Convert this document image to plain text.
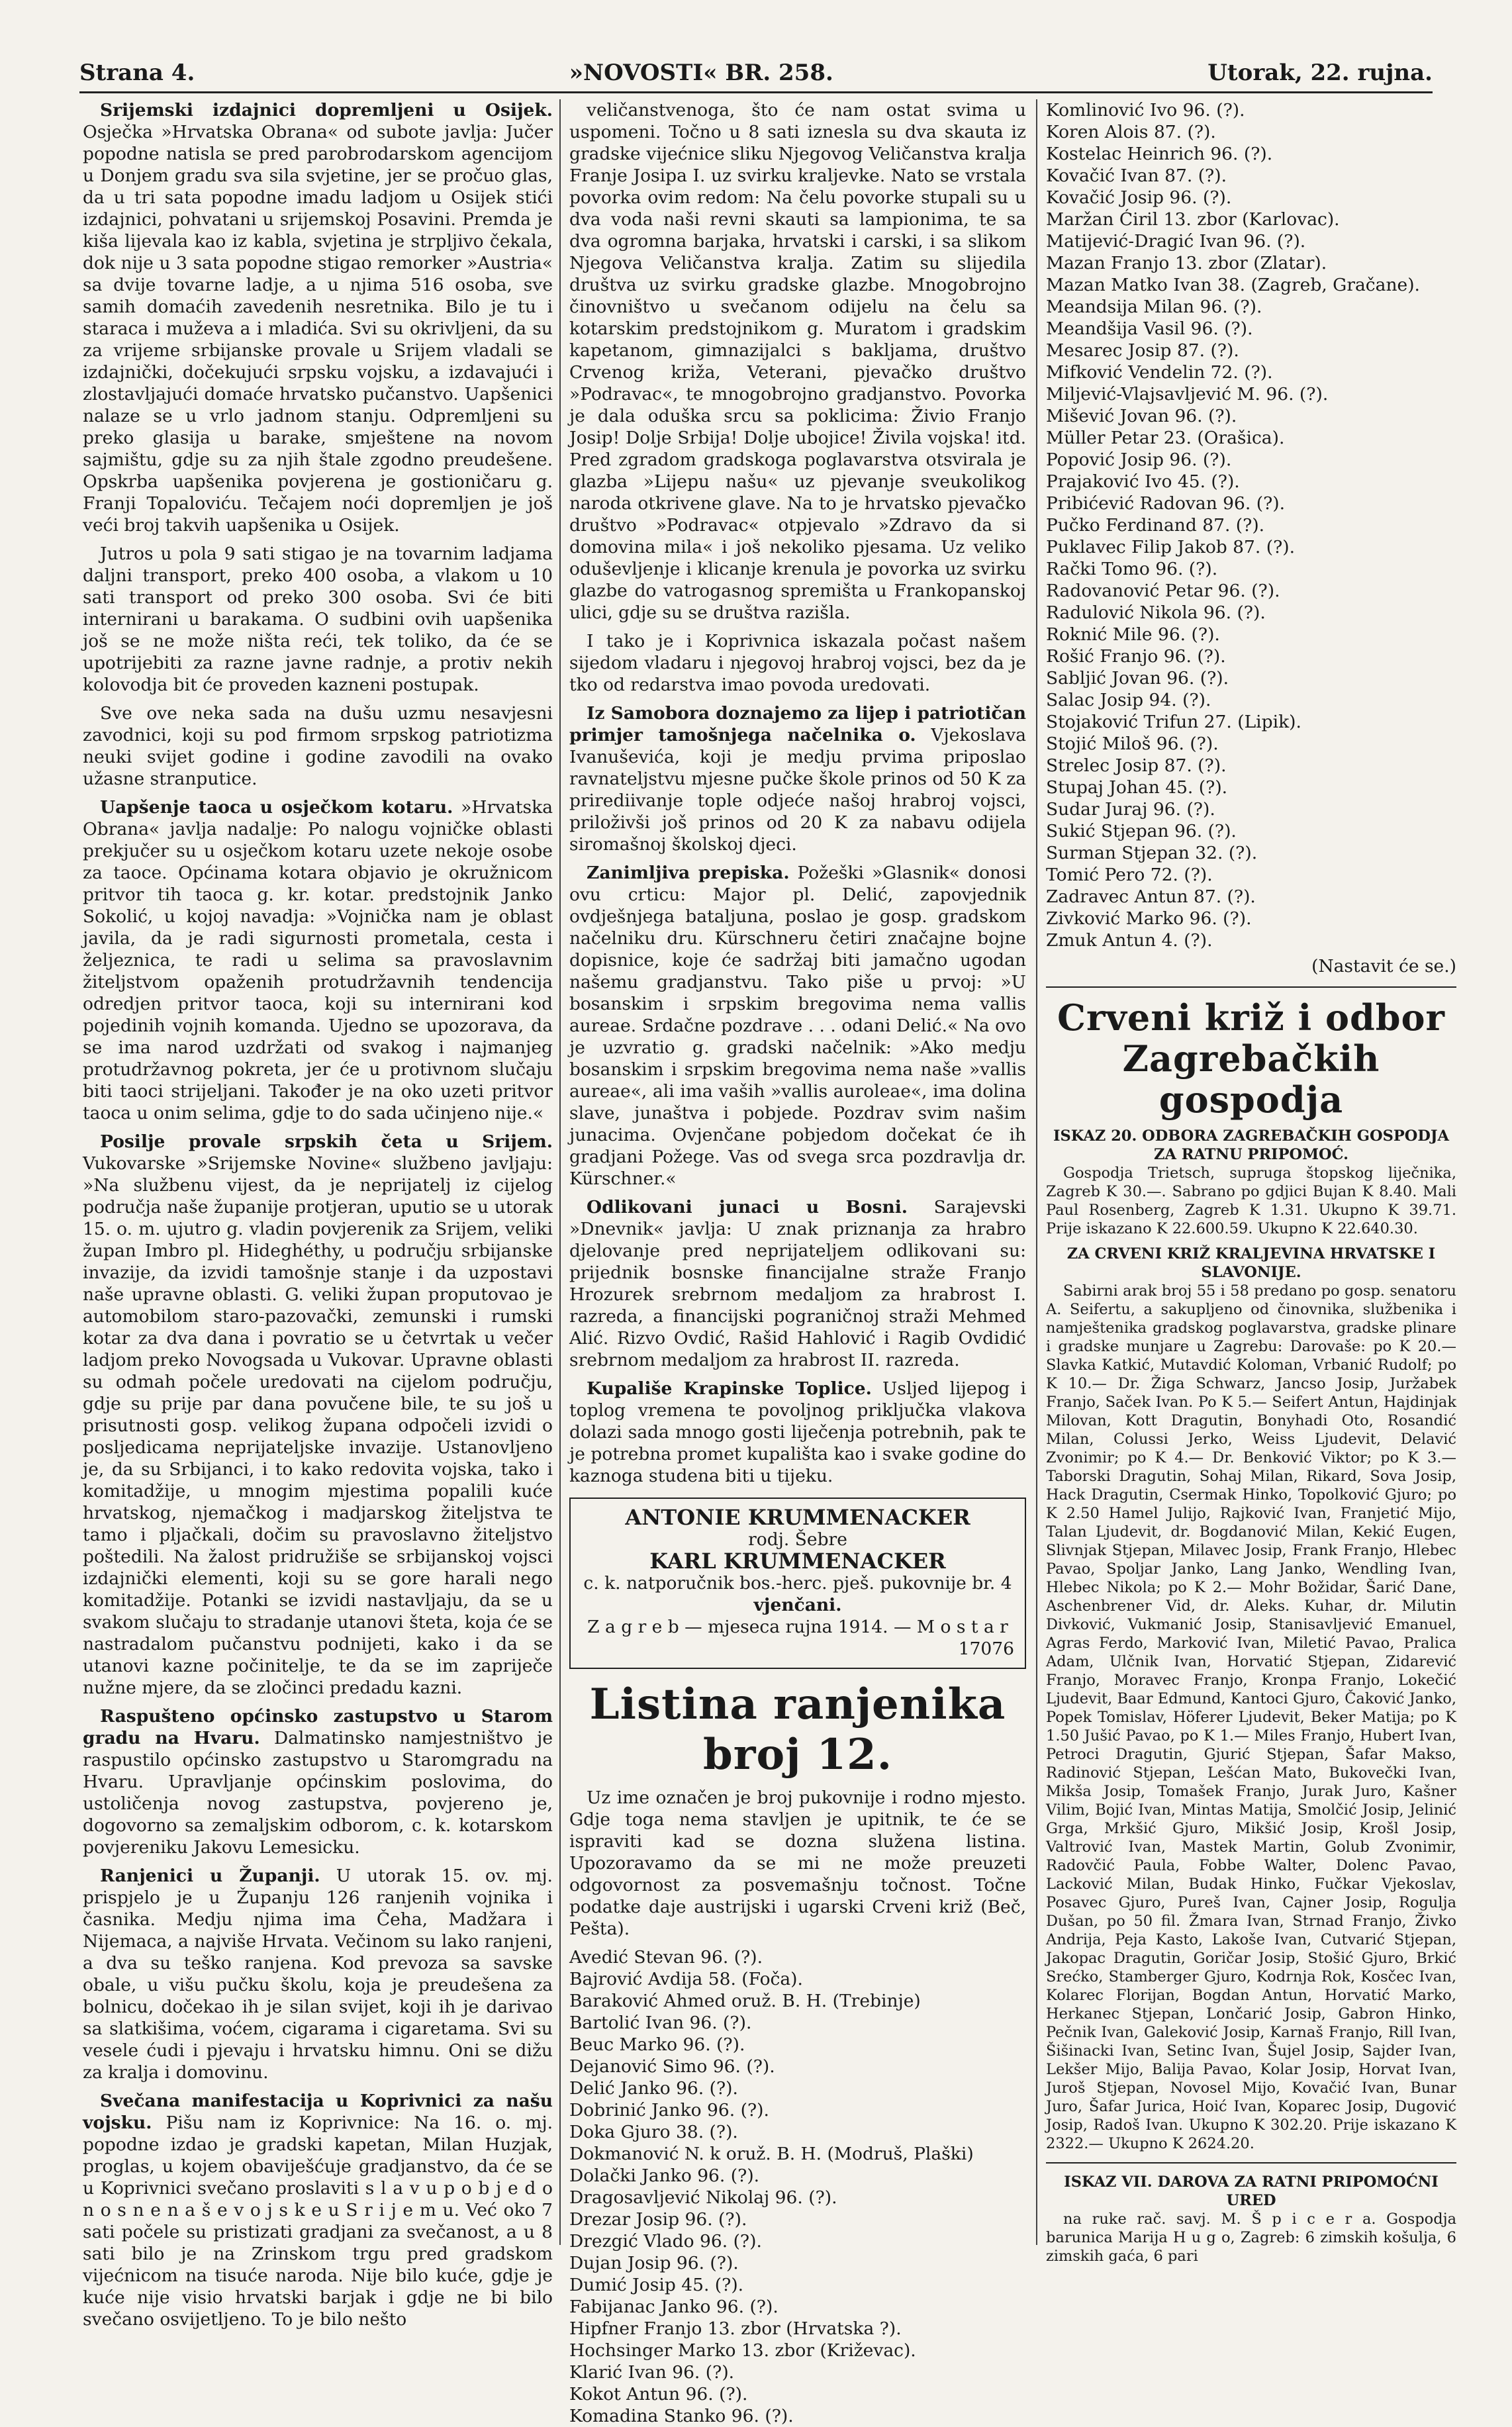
Strana 4.	»NOVOSTI« BR. 258.	Utorak, 22. rujna.

Srijemski izdajnici dopremljeni u Osijek. Osječka »Hrvatska Obrana« od subote javlja: Jučer popodne natisla se pred parobrodarskom agencijom u Donjem gradu sva sila svjetine, jer se pročuo glas, da u tri sata popodne imadu ladjom u Osijek stići izdajnici, pohvatani u srijemskoj Posavini. Premda je kiša lijevala kao iz kabla, svjetina je strpljivo čekala, dok nije u 3 sata popodne stigao remorker »Austria« sa dvije tovarne ladje, a u njima 516 osoba, sve samih domaćih zavedenih nesretnika. Bilo je tu i staraca i muževa a i mladića. Svi su okrivljeni, da su za vrijeme srbijanske provale u Srijem vladali se izdajnički, dočekujući srpsku vojsku, a izdavajući i zlostavljajući domaće hrvatsko pučanstvo. Uapšenici nalaze se u vrlo jadnom stanju. Odpremljeni su preko glasija u barake, smještene na novom sajmištu, gdje su za njih štale zgodno preudešene. Opskrba uapšenika povjerena je gostioničaru g. Franji Topaloviću. Tečajem noći dopremljen je još veći broj takvih uapšenika u Osijek.

Jutros u pola 9 sati stigao je na tovarnim ladjama daljni transport, preko 400 osoba, a vlakom u 10 sati transport od preko 300 osoba. Svi će biti internirani u barakama. O sudbini ovih uapšenika još se ne može ništa reći, tek toliko, da će se upotrijebiti za razne javne radnje, a protiv nekih kolovodja bit će proveden kazneni postupak.

Sve ove neka sada na dušu uzmu nesavjesni zavodnici, koji su pod firmom srpskog patriotizma neuki svijet godine i godine zavodili na ovako užasne stranputice.

Uapšenje taoca u osječkom kotaru. »Hrvatska Obrana« javlja nadalje: Po nalogu vojničke oblasti prekjučer su u osječkom kotaru uzete nekoje osobe za taoce. Općinama kotara objavio je okružnicom pritvor tih taoca g. kr. kotar. predstojnik Janko Sokolić, u kojoj navadja: »Vojnička nam je oblast javila, da je radi sigurnosti prometala, cesta i željeznica, te radi u selima sa pravoslavnim žiteljstvom opaženih protudržavnih tendencija odredjen pritvor taoca, koji su internirani kod pojedinih vojnih komanda. Ujedno se upozorava, da se ima narod uzdržati od svakog i najmanjeg protudržavnog pokreta, jer će u protivnom slučaju biti taoci strijeljani. Također je na oko uzeti pritvor taoca u onim selima, gdje to do sada učinjeno nije.«

Posilje provale srpskih četa u Srijem. Vukovarske »Srijemske Novine« službeno javljaju: »Na službenu vijest, da je neprijatelj iz cijelog područja naše županije protjeran, uputio se u utorak 15. o. m. ujutro g. vladin povjerenik za Srijem, veliki župan Imbro pl. Hideghéthy, u području srbijanske invazije, da izvidi tamošnje stanje i da uzpostavi naše upravne oblasti. G. veliki župan proputovao je automobilom staro-pazovački, zemunski i rumski kotar za dva dana i povratio se u četvrtak u večer ladjom preko Novogsada u Vukovar. Upravne oblasti su odmah počele uredovati na cijelom području, gdje su prije par dana povučene bile, te su još u prisutnosti gosp. velikog župana odpočeli izvidi o posljedicama neprijateljske invazije. Ustanovljeno je, da su Srbijanci, i to kako redovita vojska, tako i komitadžije, u mnogim mjestima popalili kuće hrvatskog, njemačkog i madjarskog žiteljstva te tamo i pljačkali, dočim su pravoslavno žiteljstvo poštedili. Na žalost pridružiše se srbijanskoj vojsci izdajnički elementi, koji su se gore harali nego komitadžije. Potanki se izvidi nastavljaju, da se u svakom slučaju to stradanje utanovi šteta, koja će se nastradalom pučanstvu podnijeti, kako i da se utanovi kazne počinitelje, te da se im zapriječe nužne mjere, da se zločinci predadu kazni.

Raspušteno općinsko zastupstvo u Starom gradu na Hvaru. Dalmatinsko namjestništvo je raspustilo općinsko zastupstvo u Staromgradu na Hvaru. Upravljanje općinskim poslovima, do ustoličenja novog zastupstva, povjereno je, dogovorno sa zemaljskim odborom, c. k. kotarskom povjereniku Jakovu Lemesicku.

Ranjenici u Županji. U utorak 15. ov. mj. prispjelo je u Županju 126 ranjenih vojnika i časnika. Medju njima ima Čeha, Madžara i Nijemaca, a najviše Hrvata. Večinom su lako ranjeni, a dva su teško ranjena. Kod prevoza sa savske obale, u višu pučku školu, koja je preudešena za bolnicu, dočekao ih je silan svijet, koji ih je darivao sa slatkišima, voćem, cigarama i cigaretama. Svi su vesele ćudi i pjevaju i hrvatsku himnu. Oni se dižu za kralja i domovinu.

Svečana manifestacija u Koprivnici za našu vojsku. Pišu nam iz Koprivnice: Na 16. o. mj. popodne izdao je gradski kapetan, Milan Huzjak, proglas, u kojem obaviješćuje gradjanstvo, da će se u Koprivnici svečano proslaviti s l a v u p o b j e d o n o s n e n a š e v o j s k e u S r i j e m u. Već oko 7 sati počele su pristizati gradjani za svečanost, a u 8 sati bilo je na Zrinskom trgu pred gradskom vijećnicom na tisuće naroda. Nije bilo kuće, gdje je kuće nije visio hrvatski barjak i gdje ne bi bilo svečano osvijetljeno. To je bilo nešto

veličanstvenoga, što će nam ostat svima u uspomeni. Točno u 8 sati iznesla su dva skauta iz gradske vijećnice sliku Njegovog Veličanstva kralja Franje Josipa I. uz svirku kraljevke. Nato se vrstala povorka ovim redom: Na čelu povorke stupali su u dva voda naši revni skauti sa lampionima, te sa dva ogromna barjaka, hrvatski i carski, i sa slikom Njegova Veličanstva kralja. Zatim su slijedila društva uz svirku gradske glazbe. Mnogobrojno činovništvo u svečanom odijelu na čelu sa kotarskim predstojnikom g. Muratom i gradskim kapetanom, gimnazijalci s bakljama, društvo Crvenog križa, Veterani, pjevačko društvo »Podravac«, te mnogobrojno gradjanstvo. Povorka je dala oduška srcu sa poklicima: Živio Franjo Josip! Dolje Srbija! Dolje ubojice! Živila vojska! itd. Pred zgradom gradskoga poglavarstva otsvirala je glazba »Lijepu našu« uz pjevanje sveukolikog naroda otkrivene glave. Na to je hrvatsko pjevačko društvo »Podravac« otpjevalo »Zdravo da si domovina mila« i još nekoliko pjesama. Uz veliko oduševljenje i klicanje krenula je povorka uz svirku glazbe do vatrogasnog spremišta u Frankopanskoj ulici, gdje su se društva razišla.

I tako je i Koprivnica iskazala počast našem sijedom vladaru i njegovoj hrabroj vojsci, bez da je tko od redarstva imao povoda uredovati.

Iz Samobora doznajemo za lijep i patriotičan primjer tamošnjega načelnika o. Vjekoslava Ivanuševića, koji je medju prvima priposlao ravnateljstvu mjesne pučke škole prinos od 50 K za prirediivanje tople odjeće našoj hrabroj vojsci, priloživši još prinos od 20 K za nabavu odijela siromašnoj školskoj djeci.

Zanimljiva prepiska. Požeški »Glasnik« donosi ovu crticu: Major pl. Delić, zapovjednik ovdješnjega bataljuna, poslao je gosp. gradskom načelniku dru. Kürschneru četiri značajne bojne dopisnice, koje će sadržaj biti jamačno ugodan našemu gradjanstvu. Tako piše u prvoj: »U bosanskim i srpskim bregovima nema vallis aureae. Srdačne pozdrave . . . odani Delić.« Na ovo je uzvratio g. gradski načelnik: »Ako medju bosanskim i srpskim bregovima nema naše »vallis aureae«, ali ima vaših »vallis auroleae«, ima dolina slave, junaštva i pobjede. Pozdrav svim našim junacima. Ovjenčane pobjedom dočekat će ih gradjani Požege. Vas od svega srca pozdravlja dr. Kürschner.«

Odlikovani junaci u Bosni. Sarajevski »Dnevnik« javlja: U znak priznanja za hrabro djelovanje pred neprijateljem odlikovani su: prijednik bosnske financijalne straže Franjo Hrozurek srebrnom medaljom za hrabrost I. razreda, a financijski pograničnoj straži Mehmed Alić. Rizvo Ovdić, Rašid Hahlović i Ragib Ovdidić srebrnom medaljom za hrabrost II. razreda.

Kupališe Krapinske Toplice. Usljed lijepog i toplog vremena te povoljnog priključka vlakova dolazi sada mnogo gosti liječenja potrebnih, pak te je potrebna promet kupališta kao i svake godine do kaznoga studena biti u tijeku.

ANTONIE KRUMMENACKER
rodj. Šebre
KARL KRUMMENACKER
c. k. natporučnik bos.-herc. pješ. pukovnije br. 4
vjenčani.
Z a g r e b — mjeseca rujna 1914. — M o s t a r
17076
Listina ranjenika broj 12.

Uz ime označen je broj pukovnije i rodno mjesto. Gdje toga nema stavljen je upitnik, te će se ispraviti kad se dozna služena listina. Upozoravamo da se mi ne može preuzeti odgovornost za posvemašnju točnost. Točne podatke daje austrijski i ugarski Crveni križ (Beč, Pešta).

Avedić Stevan 96. (?).
Bajrović Avdija 58. (Foča).
Baraković Ahmed oruž. B. H. (Trebinje)
Bartolić Ivan 96. (?).
Beuc Marko 96. (?).
Dejanović Simo 96. (?).
Delić Janko 96. (?).
Dobrinić Janko 96. (?).
Doka Gjuro 38. (?).
Dokmanović N. k oruž. B. H. (Modruš, Plaški)
Dolački Janko 96. (?).
Dragosavljević Nikolaj 96. (?).
Drezar Josip 96. (?).
Drezgić Vlado 96. (?).
Dujan Josip 96. (?).
Dumić Josip 45. (?).
Fabijanac Janko 96. (?).
Hipfner Franjo 13. zbor (Hrvatska ?).
Hochsinger Marko 13. zbor (Križevac).
Klarić Ivan 96. (?).
Kokot Antun 96. (?).
Komadina Stanko 96. (?).
Komlinović Ivo 96. (?).
Koren Alois 87. (?).
Kostelac Heinrich 96. (?).
Kovačić Ivan 87. (?).
Kovačić Josip 96. (?).
Maržan Ćiril 13. zbor (Karlovac).
Matijević-Dragić Ivan 96. (?).
Mazan Franjo 13. zbor (Zlatar).
Mazan Matko Ivan 38. (Zagreb, Gračane).
Meandsija Milan 96. (?).
Meandšija Vasil 96. (?).
Mesarec Josip 87. (?).
Mifković Vendelin 72. (?).
Miljević-Vlajsavljević M. 96. (?).
Mišević Jovan 96. (?).
Müller Petar 23. (Orašica).
Popović Josip 96. (?).
Prajaković Ivo 45. (?).
Pribićević Radovan 96. (?).
Pučko Ferdinand 87. (?).
Puklavec Filip Jakob 87. (?).
Rački Tomo 96. (?).
Radovanović Petar 96. (?).
Radulović Nikola 96. (?).
Roknić Mile 96. (?).
Rošić Franjo 96. (?).
Sabljić Jovan 96. (?).
Salac Josip 94. (?).
Stojaković Trifun 27. (Lipik).
Stojić Miloš 96. (?).
Strelec Josip 87. (?).
Stupaj Johan 45. (?).
Sudar Juraj 96. (?).
Sukić Stjepan 96. (?).
Surman Stjepan 32. (?).
Tomić Pero 72. (?).
Zadravec Antun 87. (?).
Zivković Marko 96. (?).
Zmuk Antun 4. (?).
(Nastavit će se.)
Crveni križ i odbor Zagrebačkih gospodja
ISKAZ 20. ODBORA ZAGREBAČKIH GOSPODJA ZA RATNU PRIPOMOĆ.

Gospodja Trietsch, supruga štopskog liječnika, Zagreb K 30.—. Sabrano po gdjici Bujan K 8.40. Mali Paul Rosenberg, Zagreb K 1.31. Ukupno K 39.71. Prije iskazano K 22.600.59. Ukupno K 22.640.30.

ZA CRVENI KRIŽ KRALJEVINA HRVATSKE I SLAVONIJE.

Sabirni arak broj 55 i 58 predano po gosp. senatoru A. Seifertu, a sakupljeno od činovnika, službenika i namještenika gradskog poglavarstva, gradske plinare i gradske munjare u Zagrebu: Darovaše: po K 20.— Slavka Katkić, Mutavdić Koloman, Vrbanić Rudolf; po K 10.— Dr. Žiga Schwarz, Jancso Josip, Juržabek Franjo, Saček Ivan. Po K 5.— Seifert Antun, Hajdinjak Milovan, Kott Dragutin, Bonyhadi Oto, Rosandić Milan, Colussi Jerko, Weiss Ljudevit, Delavić Zvonimir; po K 4.— Dr. Benković Viktor; po K 3.— Taborski Dragutin, Sohaj Milan, Rikard, Sova Josip, Hack Dragutin, Csermak Hinko, Topolković Gjuro; po K 2.50 Hamel Julijo, Rajković Ivan, Franjetić Mijo, Talan Ljudevit, dr. Bogdanović Milan, Kekić Eugen, Slivnjak Stjepan, Milavec Josip, Frank Franjo, Hlebec Pavao, Spoljar Janko, Lang Janko, Wendling Ivan, Hlebec Nikola; po K 2.— Mohr Božidar, Šarić Dane, Aschenbrener Vid, dr. Aleks. Kuhar, dr. Milutin Divković, Vukmanić Josip, Stanisavljević Emanuel, Agras Ferdo, Marković Ivan, Miletić Pavao, Pralica Adam, Ulčnik Ivan, Horvatić Stjepan, Zidarević Franjo, Moravec Franjo, Kronpa Franjo, Lokečić Ljudevit, Baar Edmund, Kantoci Gjuro, Čaković Janko, Popek Tomislav, Höferer Ljudevit, Beker Matija; po K 1.50 Jušić Pavao, po K 1.— Miles Franjo, Hubert Ivan, Petroci Dragutin, Gjurić Stjepan, Šafar Makso, Radinović Stjepan, Lešćan Mato, Bukovečki Ivan, Mikša Josip, Tomašek Franjo, Jurak Juro, Kašner Vilim, Bojić Ivan, Mintas Matija, Smolčić Josip, Jelinić Grga, Mrkšić Gjuro, Mikšić Josip, Krošl Josip, Valtrović Ivan, Mastek Martin, Golub Zvonimir, Radovčić Paula, Fobbe Walter, Dolenc Pavao, Lacković Milan, Budak Hinko, Fučkar Vjekoslav, Posavec Gjuro, Pureš Ivan, Cajner Josip, Rogulja Dušan, po 50 fil. Žmara Ivan, Strnad Franjo, Živko Andrija, Peja Kasto, Lakoše Ivan, Cutvarić Stjepan, Jakopac Dragutin, Goričar Josip, Stošić Gjuro, Brkić Srećko, Stamberger Gjuro, Kodrnja Rok, Kosčec Ivan, Kolarec Florijan, Bogdan Antun, Horvatić Marko, Herkanec Stjepan, Lončarić Josip, Gabron Hinko, Pečnik Ivan, Galeković Josip, Karnaš Franjo, Rill Ivan, Šišinacki Ivan, Setinc Ivan, Šujel Josip, Sajder Ivan, Lekšer Mijo, Balija Pavao, Kolar Josip, Horvat Ivan, Juroš Stjepan, Novosel Mijo, Kovačić Ivan, Bunar Juro, Šafar Jurica, Hoić Ivan, Koparec Josip, Dugović Josip, Radoš Ivan. Ukupno K 302.20. Prije iskazano K 2322.— Ukupno K 2624.20.

ISKAZ VII. DAROVA ZA RATNI PRIPOMOĆNI URED

na ruke rač. savj. M. Š p i c e r a. Gospodja barunica Marija H u g o, Zagreb: 6 zimskih košulja, 6 zimskih gaća, 6 pari
